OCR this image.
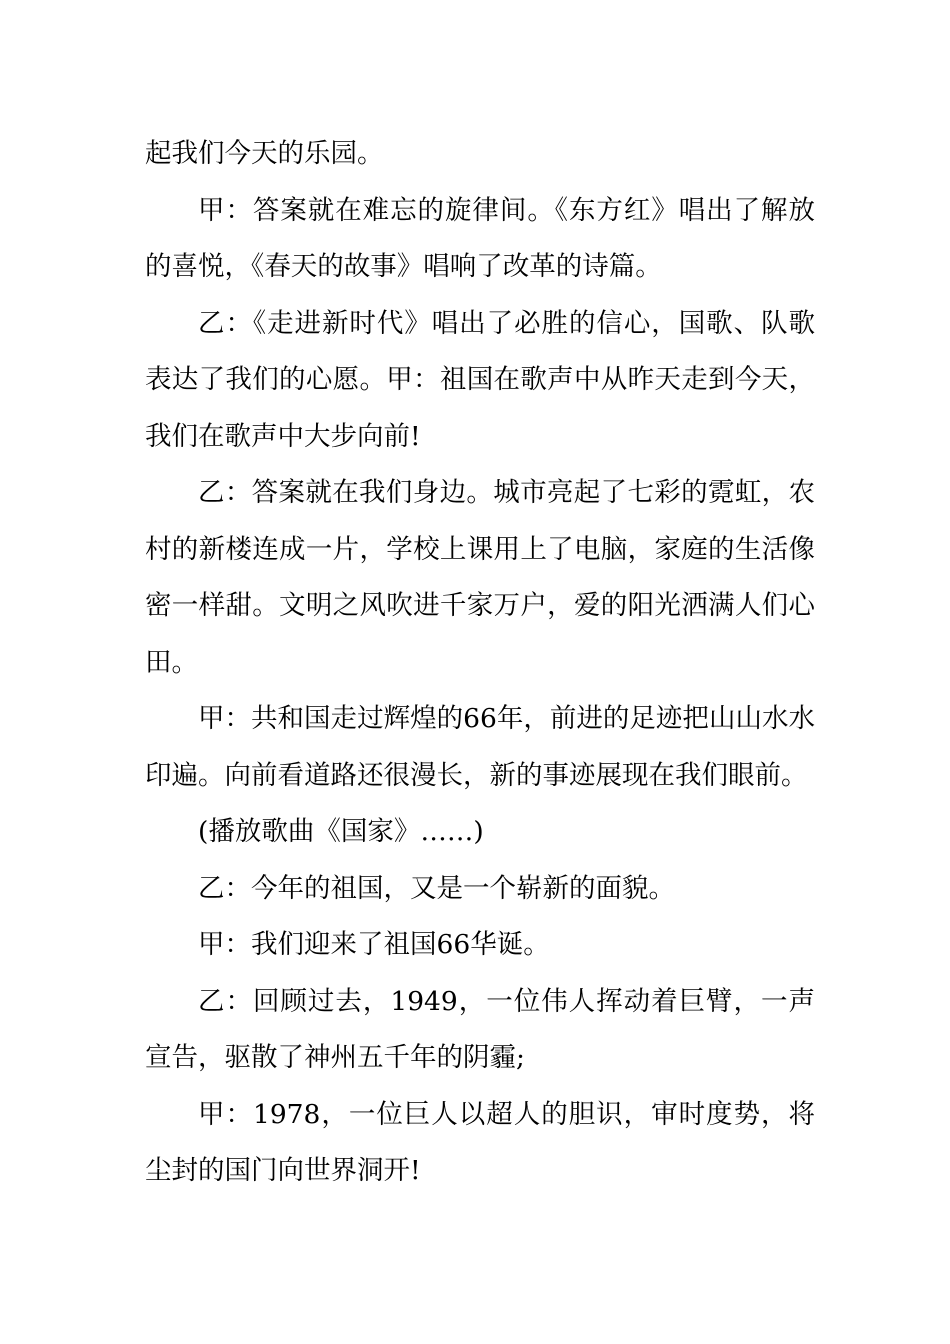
起我们今天的乐园。

甲：答案就在难忘的旋律间。《东方红》唱出了解放的喜悦，《春天的故事》唱响了改革的诗篇。

乙：《走进新时代》唱出了必胜的信心，国歌、队歌表达了我们的心愿。甲：祖国在歌声中从昨天走到今天，我们在歌声中大步向前!

乙：答案就在我们身边。城市亮起了七彩的霓虹，农村的新楼连成一片，学校上课用上了电脑，家庭的生活像密一样甜。文明之风吹进千家万户，爱的阳光洒满人们心田。

甲：共和国走过辉煌的66年，前进的足迹把山山水水印遍。向前看道路还很漫长，新的事迹展现在我们眼前。

(播放歌曲《国家》……)

乙：今年的祖国，又是一个崭新的面貌。

甲：我们迎来了祖国66华诞。

乙：回顾过去，1949，一位伟人挥动着巨臂，一声宣告，驱散了神州五千年的阴霾;

甲：1978，一位巨人以超人的胆识，审时度势，将尘封的国门向世界洞开!
